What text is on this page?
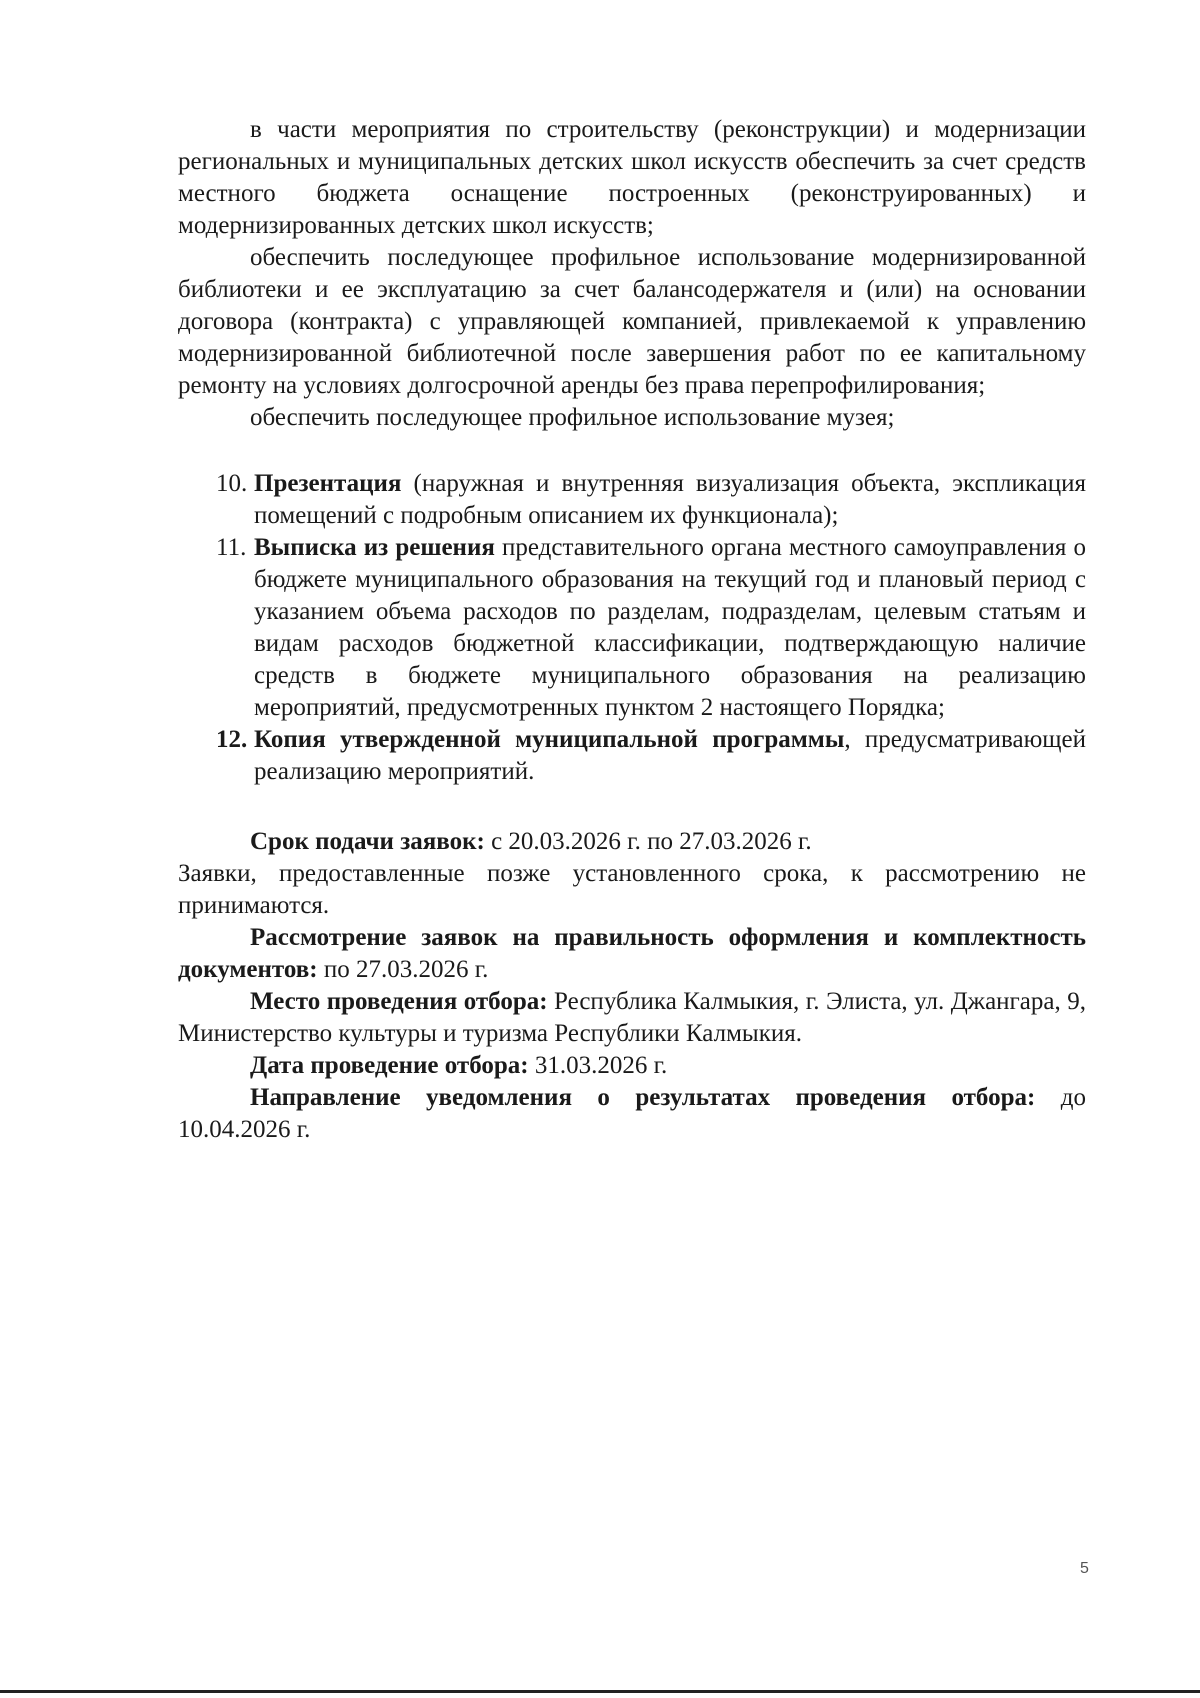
в части мероприятия по строительству (реконструкции) и модернизации региональных и муниципальных детских школ искусств обеспечить за счет средств местного бюджета оснащение построенных (реконструированных) и модернизированных детских школ искусств;

обеспечить последующее профильное использование модернизированной библиотеки и ее эксплуатацию за счет балансодержателя и (или) на основании договора (контракта) с управляющей компанией, привлекаемой к управлению модернизированной библиотечной после завершения работ по ее капитальному ремонту на условиях долгосрочной аренды без права перепрофилирования;

обеспечить последующее профильное использование музея;

10. Презентация (наружная и внутренняя визуализация объекта, экспликация помещений с подробным описанием их функционала);

11. Выписка из решения представительного органа местного самоуправления о бюджете муниципального образования на текущий год и плановый период с указанием объема расходов по разделам, подразделам, целевым статьям и видам расходов бюджетной классификации, подтверждающую наличие средств в бюджете муниципального образования на реализацию мероприятий, предусмотренных пунктом 2 настоящего Порядка;

12. Копия утвержденной муниципальной программы, предусматривающей реализацию мероприятий.

Срок подачи заявок: с 20.03.2026 г. по 27.03.2026 г.

Заявки, предоставленные позже установленного срока, к рассмотрению не принимаются.

Рассмотрение заявок на правильность оформления и комплектность документов: по 27.03.2026 г.

Место проведения отбора: Республика Калмыкия, г. Элиста, ул. Джангара, 9, Министерство культуры и туризма Республики Калмыкия.

Дата проведение отбора: 31.03.2026 г.

Направление уведомления о результатах проведения отбора: до 10.04.2026 г.

5
